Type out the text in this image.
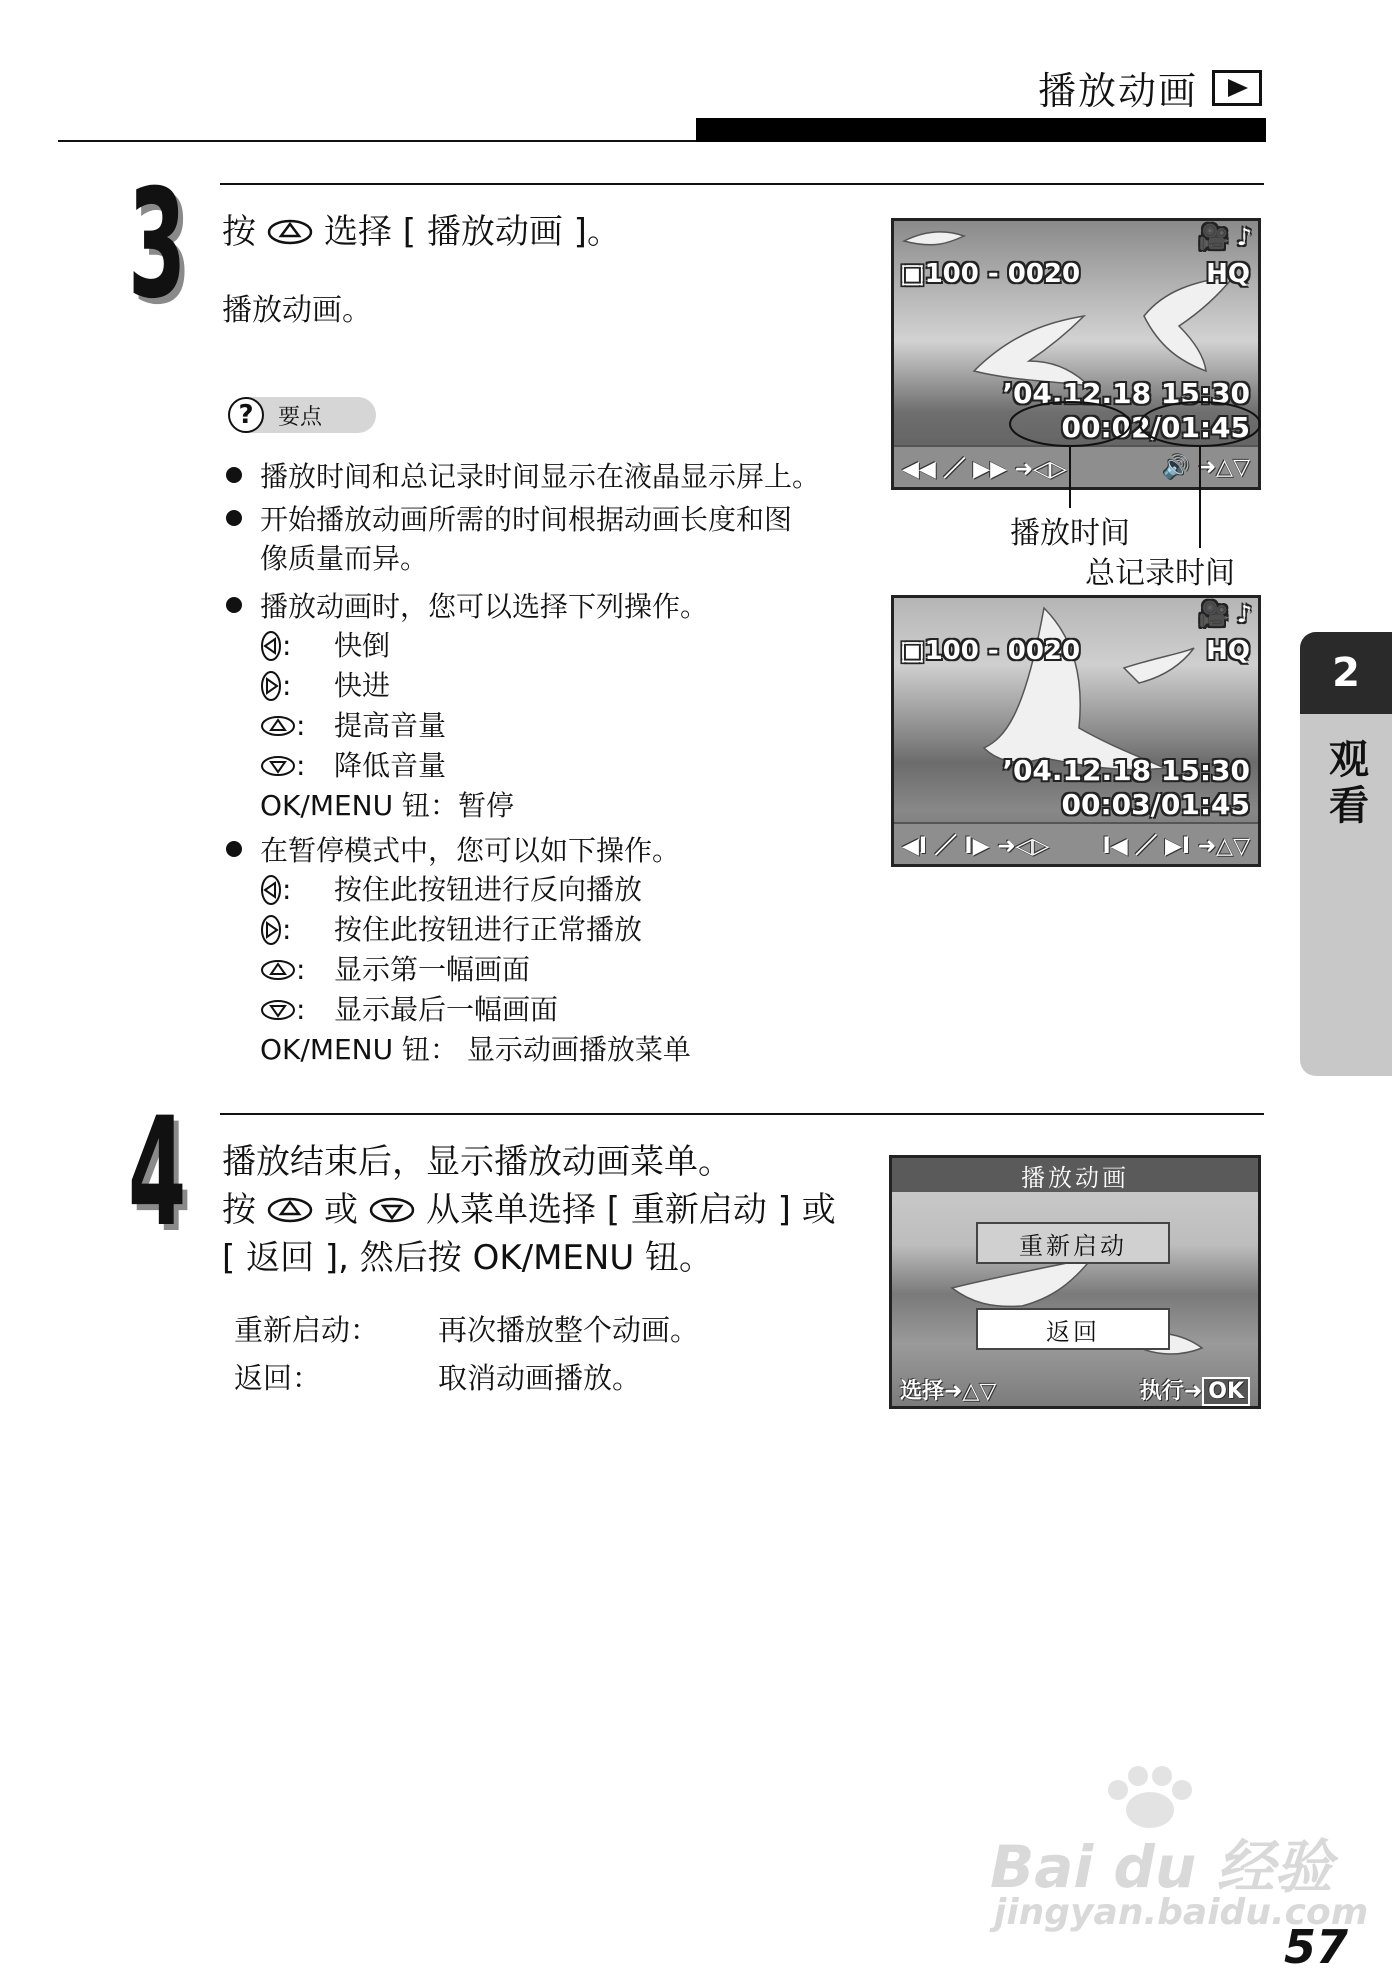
播放动画
2
观看
3 按 选择 [ 播放动画 ]。
播放动画。
?	要点
播放时间和总记录时间显示在液晶显示屏上。
开始播放动画所需的时间根据动画长度和图
像质量而异。
播放动画时，您可以选择下列操作。
: 快倒
: 快进
: 提高音量
: 降低音量
OK/MENU 钮：暂停
在暂停模式中，您可以如下操作。
: 按住此按钮进行反向播放
: 按住此按钮进行正常播放
: 显示第一幅画面
: 显示最后一幅画面
OK/MENU 钮： 显示动画播放菜单
🎥 ♪
▣100 - 0020	HQ
’04.12.18 15:30
00:02/01:45
◀◀ ／ ▶▶ ➜◁▷	🔊 ➜△▽
播放时间
总记录时间
🎥 ♪
▣100 - 0020	HQ
’04.12.18 15:30
00:03/01:45
◀I ／ I▶ ➜◁▷ I◀ ／ ▶I ➜△▽
4 播放结束后，显示播放动画菜单。
按 或 从菜单选择 [ 重新启动 ] 或
[ 返回 ], 然后按 OK/MENU 钮。
重新启动： 再次播放整个动画。
返回：	取消动画播放。
播放动画
重新启动
返回
选择➜△▽	执行➜ OK
Bai du 经验
jingyan.baidu.com
57
